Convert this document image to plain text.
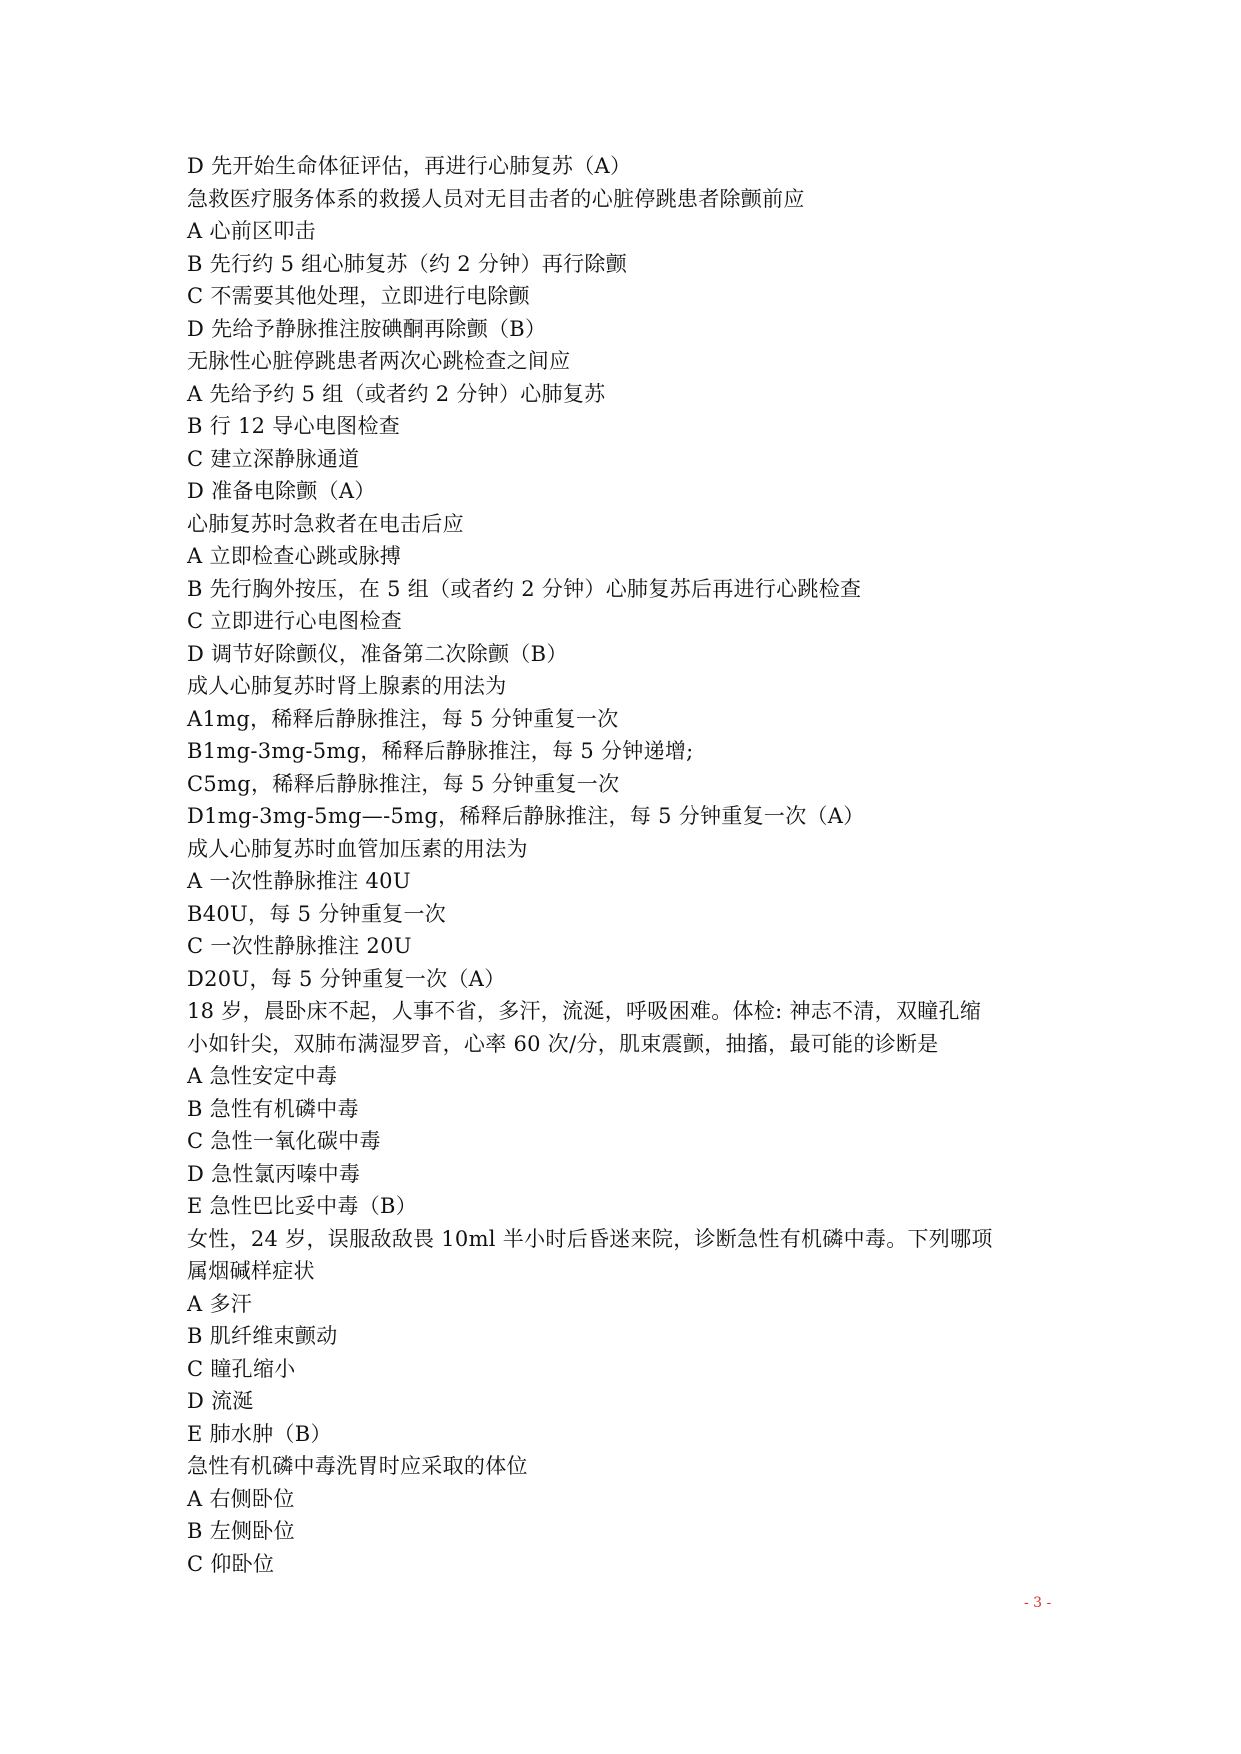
D 先开始生命体征评估，再进行心肺复苏（A）
急救医疗服务体系的救援人员对无目击者的心脏停跳患者除颤前应
A 心前区叩击
B 先行约 5 组心肺复苏（约 2 分钟）再行除颤
C 不需要其他处理，立即进行电除颤
D 先给予静脉推注胺碘酮再除颤（B）
无脉性心脏停跳患者两次心跳检查之间应
A 先给予约 5 组（或者约 2 分钟）心肺复苏
B 行 12 导心电图检查
C 建立深静脉通道
D 准备电除颤（A）
心肺复苏时急救者在电击后应
A 立即检查心跳或脉搏
B 先行胸外按压，在 5 组（或者约 2 分钟）心肺复苏后再进行心跳检查
C 立即进行心电图检查
D 调节好除颤仪，准备第二次除颤（B）
成人心肺复苏时肾上腺素的用法为
A1mg，稀释后静脉推注，每 5 分钟重复一次
B1mg-3mg-5mg，稀释后静脉推注，每 5 分钟递增;
C5mg，稀释后静脉推注，每 5 分钟重复一次
D1mg-3mg-5mg—-5mg，稀释后静脉推注，每 5 分钟重复一次（A）
成人心肺复苏时血管加压素的用法为
A 一次性静脉推注 40U
B40U，每 5 分钟重复一次
C 一次性静脉推注 20U
D20U，每 5 分钟重复一次（A）
18 岁，晨卧床不起，人事不省，多汗，流涎，呼吸困难。体检: 神志不清，双瞳孔缩
小如针尖，双肺布满湿罗音，心率 60 次/分，肌束震颤，抽搐，最可能的诊断是
A 急性安定中毒
B 急性有机磷中毒
C 急性一氧化碳中毒
D 急性氯丙嗪中毒
E 急性巴比妥中毒（B）
女性，24 岁，误服敌敌畏 10ml 半小时后昏迷来院，诊断急性有机磷中毒。下列哪项
属烟碱样症状
A 多汗
B 肌纤维束颤动
C 瞳孔缩小
D 流涎
E 肺水肿（B）
急性有机磷中毒洗胃时应采取的体位
A 右侧卧位
B 左侧卧位
C 仰卧位
- 3 -
